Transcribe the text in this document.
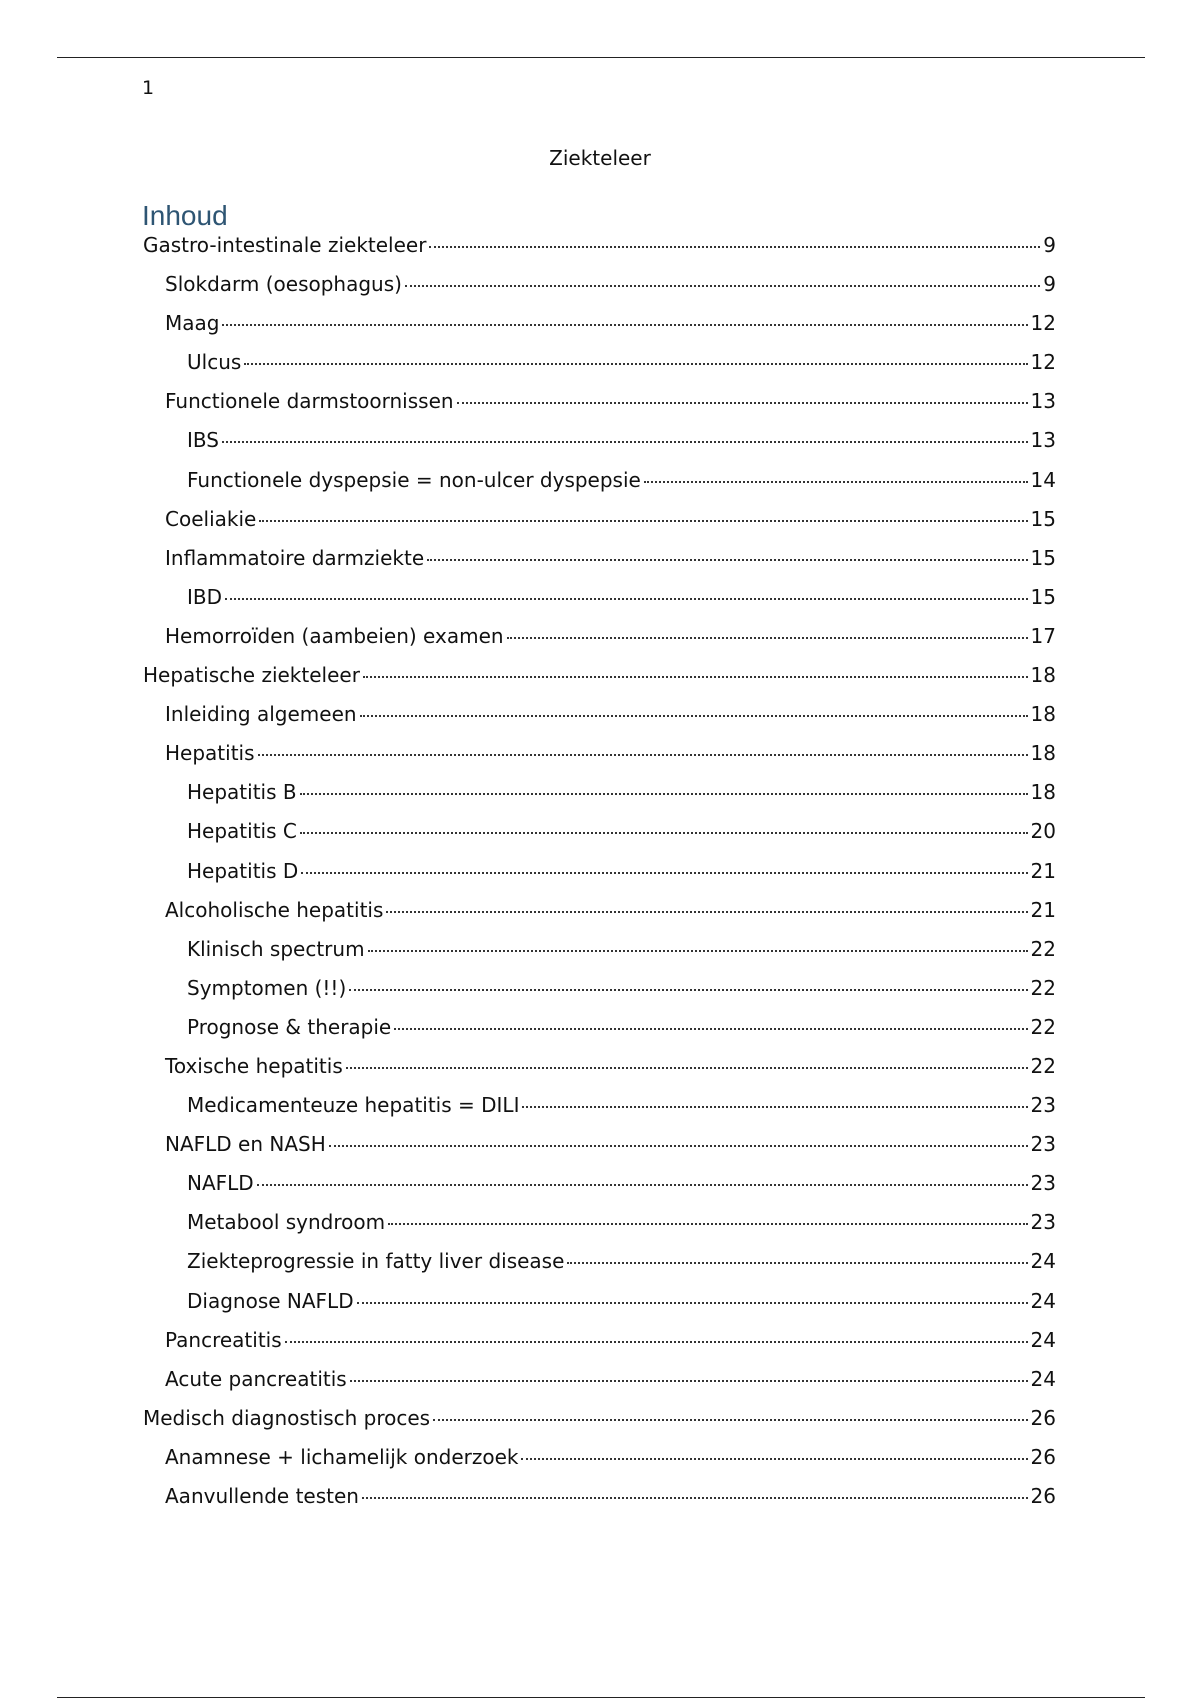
1
Ziekteleer
Inhoud
Gastro-intestinale ziekteleer	9
Slokdarm (oesophagus)	9
Maag	12
Ulcus	12
Functionele darmstoornissen	13
IBS	13
Functionele dyspepsie = non-ulcer dyspepsie	14
Coeliakie	15
Inflammatoire darmziekte	15
IBD	15
Hemorroïden (aambeien) examen	17
Hepatische ziekteleer	18
Inleiding algemeen	18
Hepatitis	18
Hepatitis B	18
Hepatitis C	20
Hepatitis D	21
Alcoholische hepatitis	21
Klinisch spectrum	22
Symptomen (!!)	22
Prognose & therapie	22
Toxische hepatitis	22
Medicamenteuze hepatitis = DILI	23
NAFLD en NASH	23
NAFLD	23
Metabool syndroom	23
Ziekteprogressie in fatty liver disease	24
Diagnose NAFLD	24
Pancreatitis	24
Acute pancreatitis	24
Medisch diagnostisch proces	26
Anamnese + lichamelijk onderzoek	26
Aanvullende testen	26
